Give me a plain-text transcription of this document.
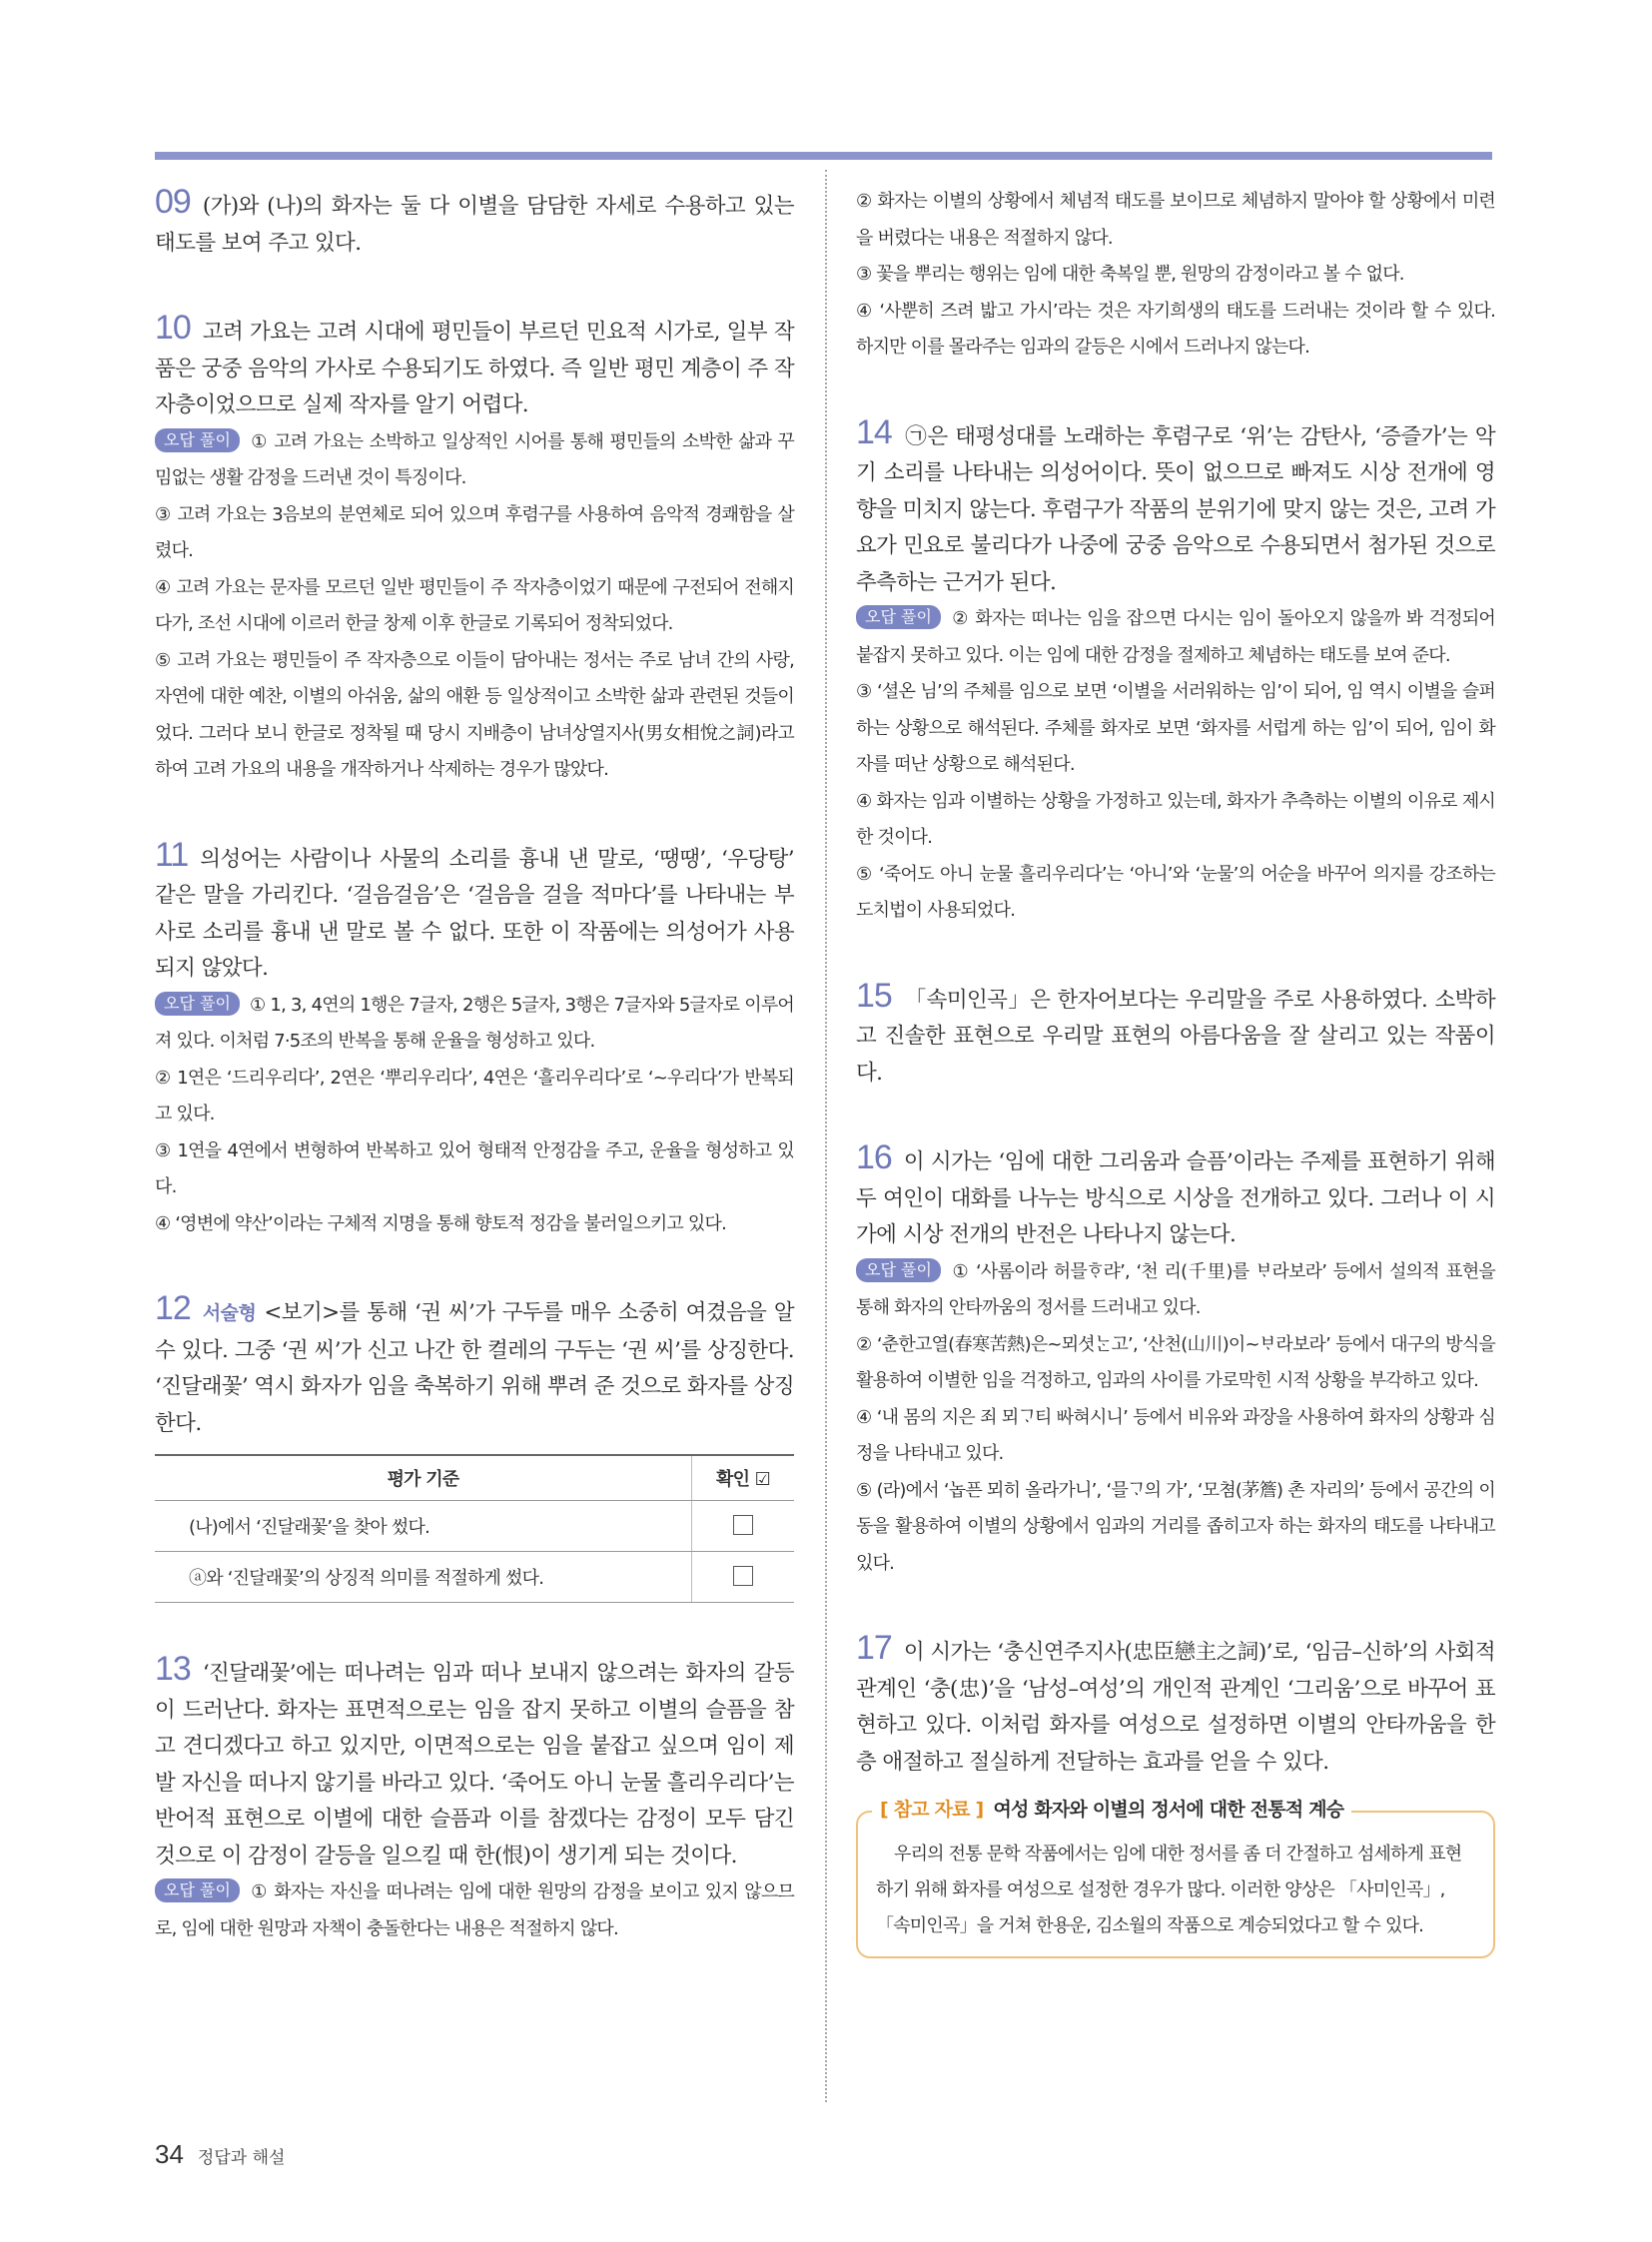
09 (가)와 (나)의 화자는 둘 다 이별을 담담한 자세로 수용하고 있는 태도를 보여 주고 있다.
10 고려 가요는 고려 시대에 평민들이 부르던 민요적 시가로, 일부 작품은 궁중 음악의 가사로 수용되기도 하였다. 즉 일반 평민 계층이 주 작자층이었으므로 실제 작자를 알기 어렵다.
오답 풀이 ① 고려 가요는 소박하고 일상적인 시어를 통해 평민들의 소박한 삶과 꾸밈없는 생활 감정을 드러낸 것이 특징이다.
③ 고려 가요는 3음보의 분연체로 되어 있으며 후렴구를 사용하여 음악적 경쾌함을 살렸다.
④ 고려 가요는 문자를 모르던 일반 평민들이 주 작자층이었기 때문에 구전되어 전해지다가, 조선 시대에 이르러 한글 창제 이후 한글로 기록되어 정착되었다.
⑤ 고려 가요는 평민들이 주 작자층으로 이들이 담아내는 정서는 주로 남녀 간의 사랑, 자연에 대한 예찬, 이별의 아쉬움, 삶의 애환 등 일상적이고 소박한 삶과 관련된 것들이었다. 그러다 보니 한글로 정착될 때 당시 지배층이 남녀상열지사(男女相悅之詞)라고 하여 고려 가요의 내용을 개작하거나 삭제하는 경우가 많았다.
11 의성어는 사람이나 사물의 소리를 흉내 낸 말로, ‘땡땡’, ‘우당탕’ 같은 말을 가리킨다. ‘걸음걸음’은 ‘걸음을 걸을 적마다’를 나타내는 부사로 소리를 흉내 낸 말로 볼 수 없다. 또한 이 작품에는 의성어가 사용되지 않았다.
오답 풀이 ① 1, 3, 4연의 1행은 7글자, 2행은 5글자, 3행은 7글자와 5글자로 이루어져 있다. 이처럼 7·5조의 반복을 통해 운율을 형성하고 있다.
② 1연은 ‘드리우리다’, 2연은 ‘뿌리우리다’, 4연은 ‘흘리우리다’로 ‘~우리다’가 반복되고 있다.
③ 1연을 4연에서 변형하여 반복하고 있어 형태적 안정감을 주고, 운율을 형성하고 있다.
④ ‘영변에 약산’이라는 구체적 지명을 통해 향토적 정감을 불러일으키고 있다.
12 서술형 <보기>를 통해 ‘권 씨’가 구두를 매우 소중히 여겼음을 알 수 있다. 그중 ‘권 씨’가 신고 나간 한 켤레의 구두는 ‘권 씨’를 상징한다. ‘진달래꽃’ 역시 화자가 임을 축복하기 위해 뿌려 준 것으로 화자를 상징한다.
평가 기준	확인 ☑
(나)에서 ‘진달래꽃’을 찾아 썼다.	
ⓐ와 ‘진달래꽃’의 상징적 의미를 적절하게 썼다.	
13 ‘진달래꽃’에는 떠나려는 임과 떠나 보내지 않으려는 화자의 갈등이 드러난다. 화자는 표면적으로는 임을 잡지 못하고 이별의 슬픔을 참고 견디겠다고 하고 있지만, 이면적으로는 임을 붙잡고 싶으며 임이 제발 자신을 떠나지 않기를 바라고 있다. ‘죽어도 아니 눈물 흘리우리다’는 반어적 표현으로 이별에 대한 슬픔과 이를 참겠다는 감정이 모두 담긴 것으로 이 감정이 갈등을 일으킬 때 한(恨)이 생기게 되는 것이다.
오답 풀이 ① 화자는 자신을 떠나려는 임에 대한 원망의 감정을 보이고 있지 않으므로, 임에 대한 원망과 자책이 충돌한다는 내용은 적절하지 않다.
② 화자는 이별의 상황에서 체념적 태도를 보이므로 체념하지 말아야 할 상황에서 미련을 버렸다는 내용은 적절하지 않다.
③ 꽃을 뿌리는 행위는 임에 대한 축복일 뿐, 원망의 감정이라고 볼 수 없다.
④ ‘사뿐히 즈려 밟고 가시’라는 것은 자기희생의 태도를 드러내는 것이라 할 수 있다. 하지만 이를 몰라주는 임과의 갈등은 시에서 드러나지 않는다.
14 ㉠은 태평성대를 노래하는 후렴구로 ‘위’는 감탄사, ‘증즐가’는 악기 소리를 나타내는 의성어이다. 뜻이 없으므로 빠져도 시상 전개에 영향을 미치지 않는다. 후렴구가 작품의 분위기에 맞지 않는 것은, 고려 가요가 민요로 불리다가 나중에 궁중 음악으로 수용되면서 첨가된 것으로 추측하는 근거가 된다.
오답 풀이 ② 화자는 떠나는 임을 잡으면 다시는 임이 돌아오지 않을까 봐 걱정되어 붙잡지 못하고 있다. 이는 임에 대한 감정을 절제하고 체념하는 태도를 보여 준다.
③ ‘셜온 님’의 주체를 임으로 보면 ‘이별을 서러워하는 임’이 되어, 임 역시 이별을 슬퍼하는 상황으로 해석된다. 주체를 화자로 보면 ‘화자를 서럽게 하는 임’이 되어, 임이 화자를 떠난 상황으로 해석된다.
④ 화자는 임과 이별하는 상황을 가정하고 있는데, 화자가 추측하는 이별의 이유로 제시한 것이다.
⑤ ‘죽어도 아니 눈물 흘리우리다’는 ‘아니’와 ‘눈물’의 어순을 바꾸어 의지를 강조하는 도치법이 사용되었다.
15 「속미인곡」은 한자어보다는 우리말을 주로 사용하였다. 소박하고 진솔한 표현으로 우리말 표현의 아름다움을 잘 살리고 있는 작품이다.
16 이 시가는 ‘임에 대한 그리움과 슬픔’이라는 주제를 표현하기 위해 두 여인이 대화를 나누는 방식으로 시상을 전개하고 있다. 그러나 이 시가에 시상 전개의 반전은 나타나지 않는다.
오답 풀이 ① ‘사롬이라 허믈ᄒᆞ랴’, ‘천 리(千里)를 ᄇᆞ라보라’ 등에서 설의적 표현을 통해 화자의 안타까움의 정서를 드러내고 있다.
② ‘춘한고열(春寒苦熱)은~뫼셧ᄂᆞᆫ고’, ‘산천(山川)이~ᄇᆞ라보라’ 등에서 대구의 방식을 활용하여 이별한 임을 걱정하고, 임과의 사이를 가로막힌 시적 상황을 부각하고 있다.
④ ‘내 몸의 지은 죄 뫼ᄀᆞ티 ᄡᅡ혀시니’ 등에서 비유와 과장을 사용하여 화자의 상황과 심정을 나타내고 있다.
⑤ (라)에서 ‘놉픈 뫼히 올라가니’, ‘믈ᄀᆞ의 가’, ‘모쳠(茅簷) 촌 자리의’ 등에서 공간의 이동을 활용하여 이별의 상황에서 임과의 거리를 좁히고자 하는 화자의 태도를 나타내고 있다.
17 이 시가는 ‘충신연주지사(忠臣戀主之詞)’로, ‘임금–신하’의 사회적 관계인 ‘충(忠)’을 ‘남성–여성’의 개인적 관계인 ‘그리움’으로 바꾸어 표현하고 있다. 이처럼 화자를 여성으로 설정하면 이별의 안타까움을 한층 애절하고 절실하게 전달하는 효과를 얻을 수 있다.
[ 참고 자료 ] 여성 화자와 이별의 정서에 대한 전통적 계승
우리의 전통 문학 작품에서는 임에 대한 정서를 좀 더 간절하고 섬세하게 표현하기 위해 화자를 여성으로 설정한 경우가 많다. 이러한 양상은 「사미인곡」, 「속미인곡」을 거쳐 한용운, 김소월의 작품으로 계승되었다고 할 수 있다.
34 정답과 해설
